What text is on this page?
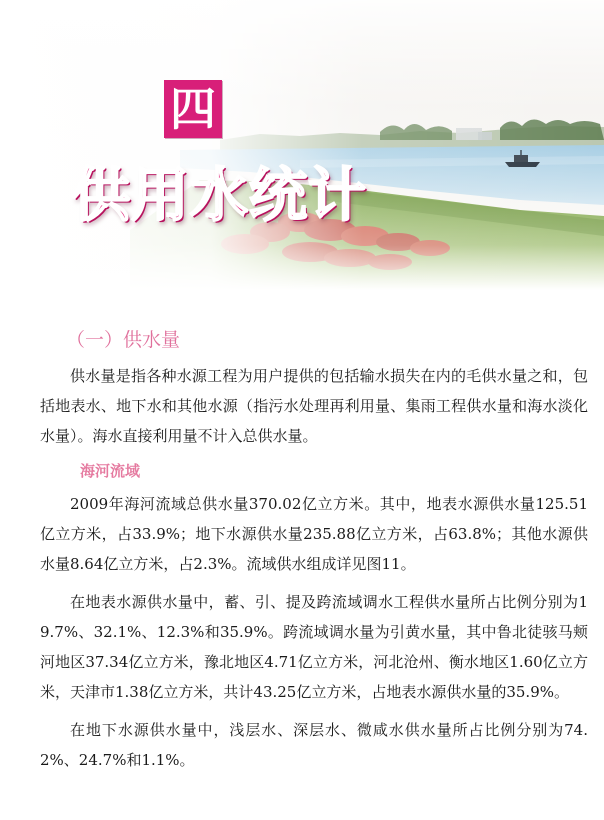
四
供用水统计
（一）供水量

供水量是指各种水源工程为用户提供的包括输水损失在内的毛供水量之和，包括地表水、地下水和其他水源（指污水处理再利用量、集雨工程供水量和海水淡化水量）。海水直接利用量不计入总供水量。

海河流域

2009年海河流域总供水量370.02亿立方米。其中，地表水源供水量125.51亿立方米，占33.9%；地下水源供水量235.88亿立方米，占63.8%；其他水源供水量8.64亿立方米，占2.3%。流域供水组成详见图11。

在地表水源供水量中，蓄、引、提及跨流域调水工程供水量所占比例分别为19.7%、32.1%、12.3%和35.9%。跨流域调水量为引黄水量，其中鲁北徒骇马颊河地区37.34亿立方米，豫北地区4.71亿立方米，河北沧州、衡水地区1.60亿立方米，天津市1.38亿立方米，共计43.25亿立方米，占地表水源供水量的35.9%。

在地下水源供水量中，浅层水、深层水、微咸水供水量所占比例分别为74.2%、24.7%和1.1%。
